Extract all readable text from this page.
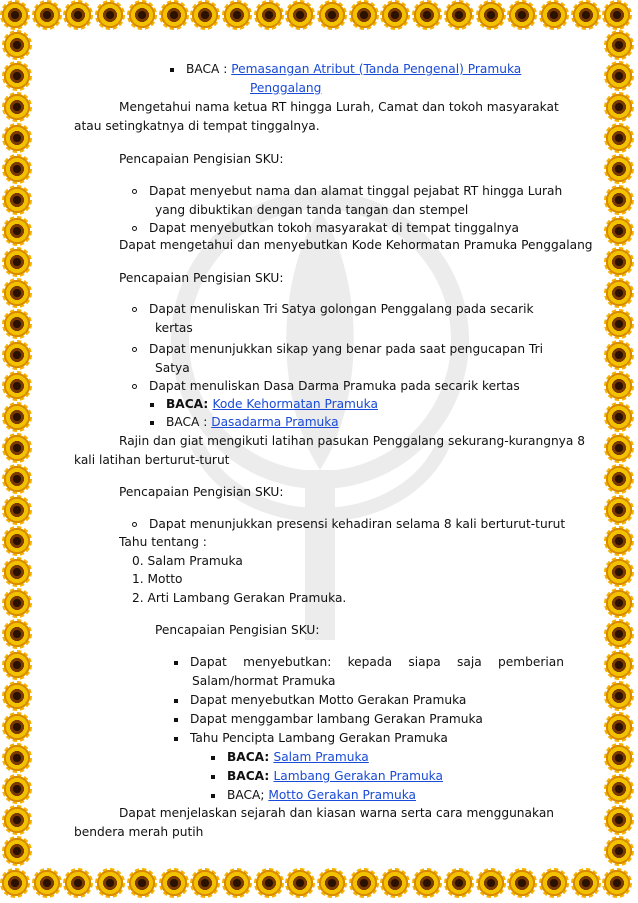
BACA : Pemasangan Atribut (Tanda Pengenal) Pramuka
Penggalang
Mengetahui nama ketua RT hingga Lurah, Camat dan tokoh masyarakat
atau setingkatnya di tempat tinggalnya.
Pencapaian Pengisian SKU:
Dapat menyebut nama dan alamat tinggal pejabat RT hingga Lurah
yang dibuktikan dengan tanda tangan dan stempel
Dapat menyebutkan tokoh masyarakat di tempat tinggalnya
Dapat mengetahui dan menyebutkan Kode Kehormatan Pramuka Penggalang
Pencapaian Pengisian SKU:
Dapat menuliskan Tri Satya golongan Penggalang pada secarik
kertas
Dapat menunjukkan sikap yang benar pada saat pengucapan Tri
Satya
Dapat menuliskan Dasa Darma Pramuka pada secarik kertas
BACA: Kode Kehormatan Pramuka
BACA : Dasadarma Pramuka
Rajin dan giat mengikuti latihan pasukan Penggalang sekurang-kurangnya 8
kali latihan berturut-turut
Pencapaian Pengisian SKU:
Dapat menunjukkan presensi kehadiran selama 8 kali berturut-turut
Tahu tentang :
0. Salam Pramuka
1. Motto
2. Arti Lambang Gerakan Pramuka.
Pencapaian Pengisian SKU:
Dapat menyebutkan: kepada siapa saja pemberian
Salam/hormat Pramuka
Dapat menyebutkan Motto Gerakan Pramuka
Dapat menggambar lambang Gerakan Pramuka
Tahu Pencipta Lambang Gerakan Pramuka
BACA: Salam Pramuka
BACA: Lambang Gerakan Pramuka
BACA; Motto Gerakan Pramuka
Dapat menjelaskan sejarah dan kiasan warna serta cara menggunakan
bendera merah putih
